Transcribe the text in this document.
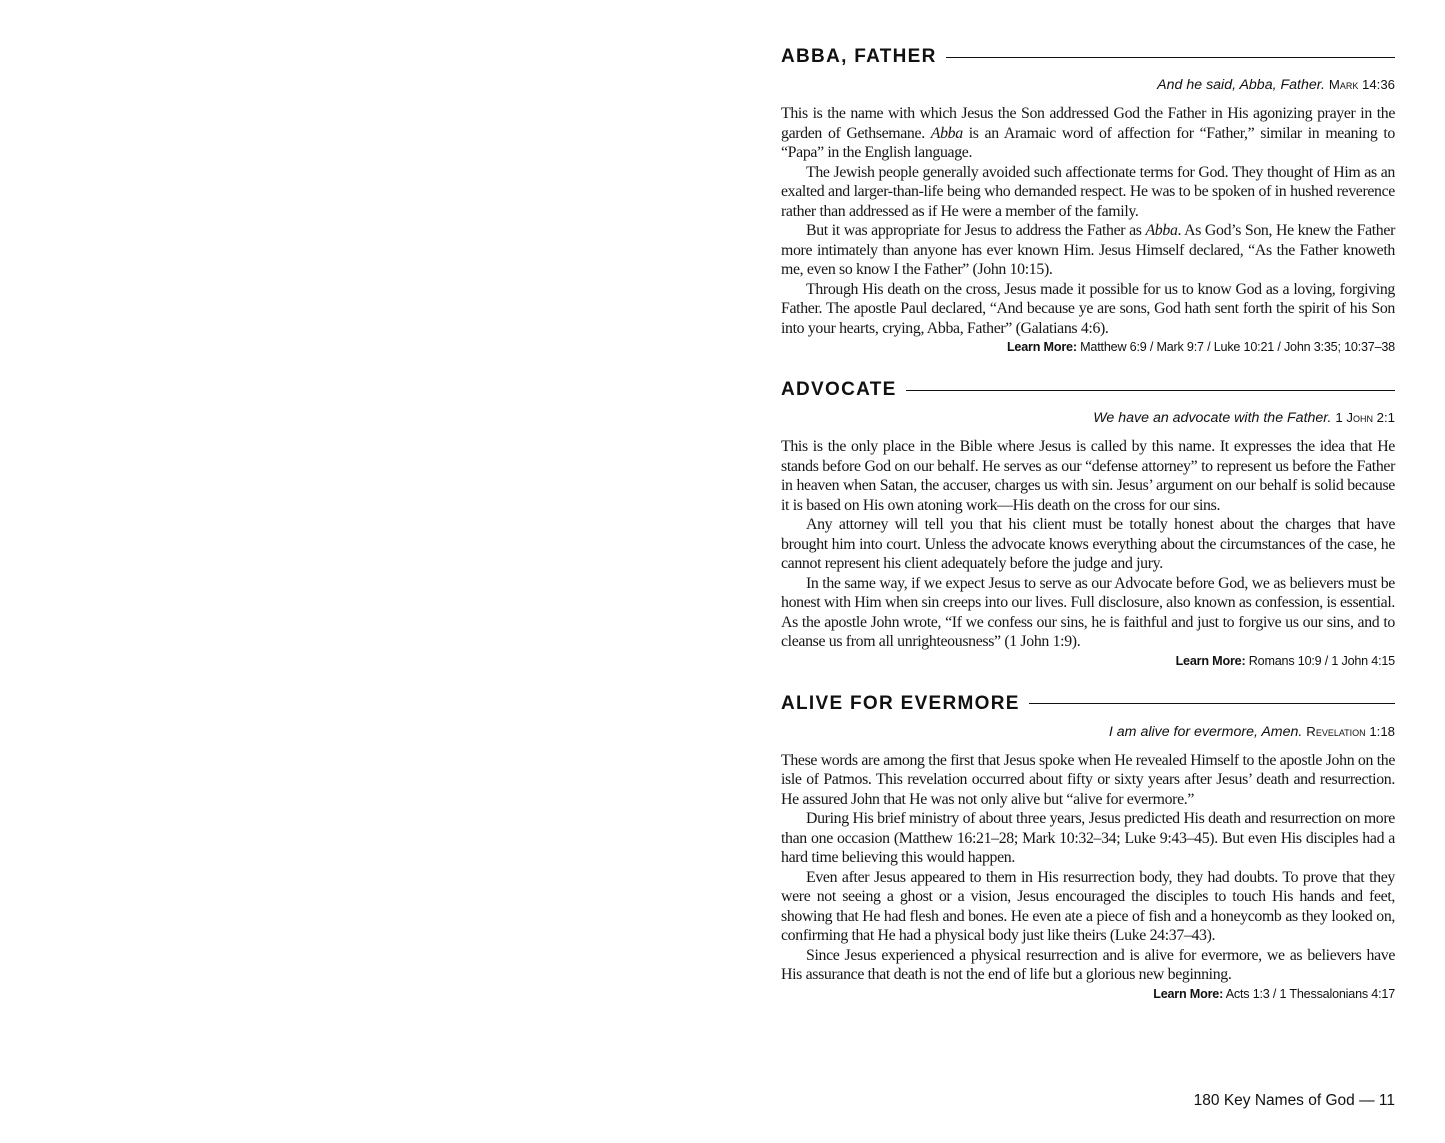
ABBA, FATHER
And he said, Abba, Father. Mark 14:36

This is the name with which Jesus the Son addressed God the Father in His agonizing prayer in the garden of Gethsemane. Abba is an Aramaic word of affection for “Father,” similar in meaning to “Papa” in the English language.

The Jewish people generally avoided such affectionate terms for God. They thought of Him as an exalted and larger-than-life being who demanded respect. He was to be spoken of in hushed reverence rather than addressed as if He were a member of the family.

But it was appropriate for Jesus to address the Father as Abba. As God’s Son, He knew the Father more intimately than anyone has ever known Him. Jesus Himself declared, “As the Father knoweth me, even so know I the Father” (John 10:15).

Through His death on the cross, Jesus made it possible for us to know God as a loving, forgiving Father. The apostle Paul declared, “And because ye are sons, God hath sent forth the spirit of his Son into your hearts, crying, Abba, Father” (Galatians 4:6).

Learn More: Matthew 6:9 / Mark 9:7 / Luke 10:21 / John 3:35; 10:37–38
ADVOCATE
We have an advocate with the Father. 1 John 2:1

This is the only place in the Bible where Jesus is called by this name. It expresses the idea that He stands before God on our behalf. He serves as our “defense attorney” to represent us before the Father in heaven when Satan, the accuser, charges us with sin. Jesus’ argument on our behalf is solid because it is based on His own atoning work—His death on the cross for our sins.

Any attorney will tell you that his client must be totally honest about the charges that have brought him into court. Unless the advocate knows everything about the circumstances of the case, he cannot represent his client adequately before the judge and jury.

In the same way, if we expect Jesus to serve as our Advocate before God, we as believers must be honest with Him when sin creeps into our lives. Full disclosure, also known as confession, is essential. As the apostle John wrote, “If we confess our sins, he is faithful and just to forgive us our sins, and to cleanse us from all unrighteousness” (1 John 1:9).

Learn More: Romans 10:9 / 1 John 4:15
ALIVE FOR EVERMORE
I am alive for evermore, Amen. Revelation 1:18

These words are among the first that Jesus spoke when He revealed Himself to the apostle John on the isle of Patmos. This revelation occurred about fifty or sixty years after Jesus’ death and resurrection. He assured John that He was not only alive but “alive for evermore.”

During His brief ministry of about three years, Jesus predicted His death and resurrection on more than one occasion (Matthew 16:21–28; Mark 10:32–34; Luke 9:43–45). But even His disciples had a hard time believing this would happen.

Even after Jesus appeared to them in His resurrection body, they had doubts. To prove that they were not seeing a ghost or a vision, Jesus encouraged the disciples to touch His hands and feet, showing that He had flesh and bones. He even ate a piece of fish and a honeycomb as they looked on, confirming that He had a physical body just like theirs (Luke 24:37–43).

Since Jesus experienced a physical resurrection and is alive for evermore, we as believers have His assurance that death is not the end of life but a glorious new beginning.

Learn More: Acts 1:3 / 1 Thessalonians 4:17
180 Key Names of God — 11
